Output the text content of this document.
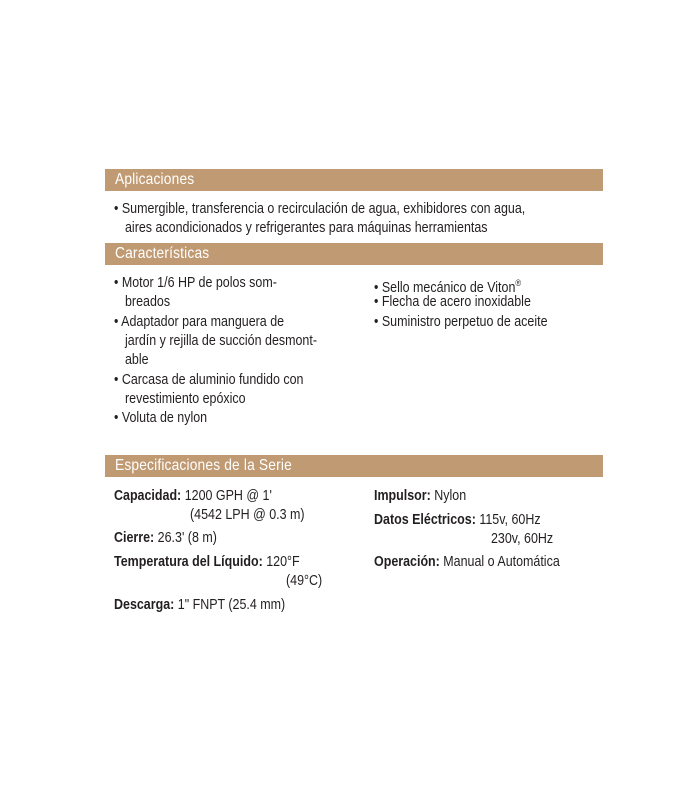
Aplicaciones
• Sumergible, transferencia o recirculación de agua, exhibidores con agua,
aires acondicionados y refrigerantes para máquinas herramientas
Características
• Motor 1/6 HP de polos som-
breados
• Adaptador para manguera de
jardín y rejilla de succión desmont-
able
• Carcasa de aluminio fundido con
revestimiento epóxico
• Voluta de nylon
• Sello mecánico de Viton®
• Flecha de acero inoxidable
• Suministro perpetuo de aceite
Especificaciones de la Serie
Capacidad: 1200 GPH @ 1'
(4542 LPH @ 0.3 m)
Cierre: 26.3' (8 m)
Temperatura del Líquido: 120°F
(49°C)
Descarga: 1" FNPT (25.4 mm)
Impulsor: Nylon
Datos Eléctricos: 115v, 60Hz
230v, 60Hz
Operación: Manual o Automática
